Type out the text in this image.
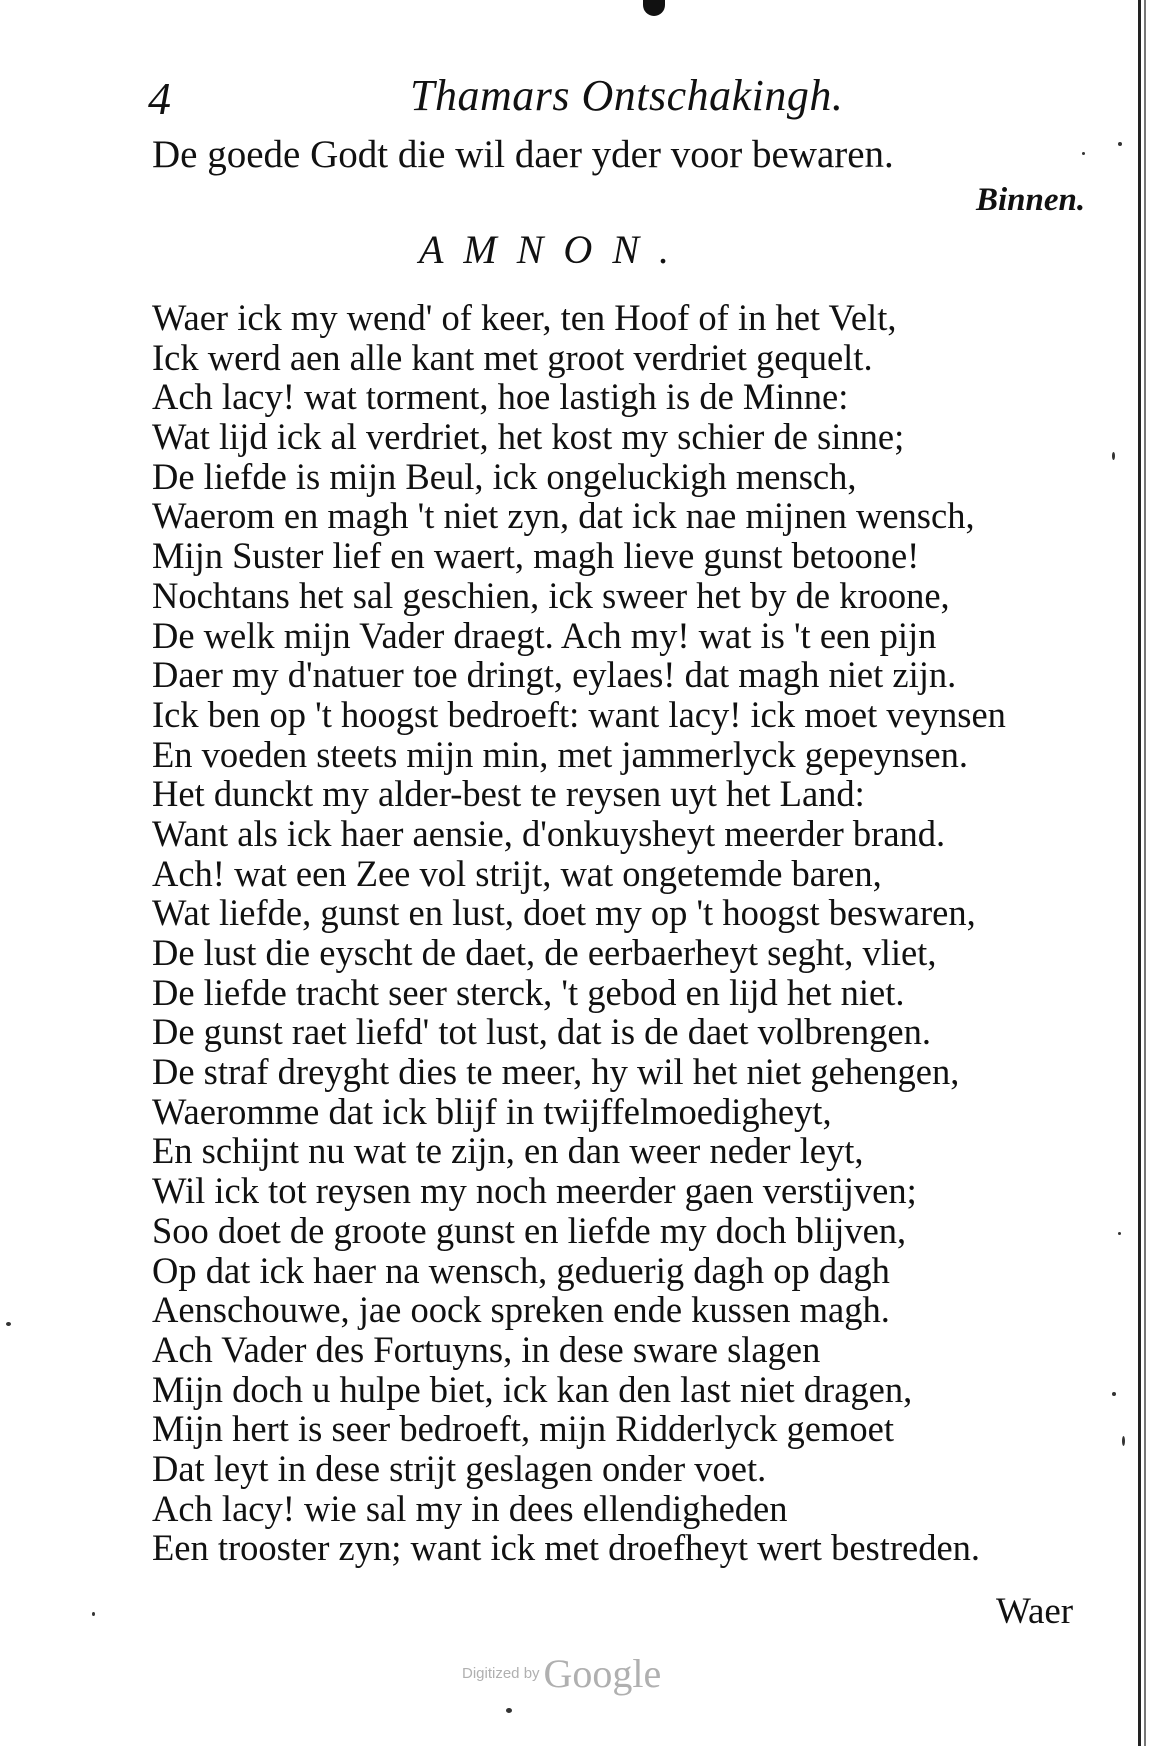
4	Thamars Ontschakingh.
De goede Godt die wil daer yder voor bewaren.
Binnen.
AMNON.
Waer ick my wend' of keer, ten Hoof of in het Velt,
Ick werd aen alle kant met groot verdriet gequelt.
Ach lacy! wat torment, hoe lastigh is de Minne:
Wat lijd ick al verdriet, het kost my schier de sinne;
De liefde is mijn Beul, ick ongeluckigh mensch,
Waerom en magh 't niet zyn, dat ick nae mijnen wensch,
Mijn Suster lief en waert, magh lieve gunst betoone!
Nochtans het sal geschien, ick sweer het by de kroone,
De welk mijn Vader draegt. Ach my! wat is 't een pijn
Daer my d'natuer toe dringt, eylaes! dat magh niet zijn.
Ick ben op 't hoogst bedroeft: want lacy! ick moet veynsen
En voeden steets mijn min, met jammerlyck gepeynsen.
Het dunckt my alder-best te reysen uyt het Land:
Want als ick haer aensie, d'onkuysheyt meerder brand.
Ach! wat een Zee vol strijt, wat ongetemde baren,
Wat liefde, gunst en lust, doet my op 't hoogst beswaren,
De lust die eyscht de daet, de eerbaerheyt seght, vliet,
De liefde tracht seer sterck, 't gebod en lijd het niet.
De gunst raet liefd' tot lust, dat is de daet volbrengen.
De straf dreyght dies te meer, hy wil het niet gehengen,
Waeromme dat ick blijf in twijffelmoedigheyt,
En schijnt nu wat te zijn, en dan weer neder leyt,
Wil ick tot reysen my noch meerder gaen verstijven;
Soo doet de groote gunst en liefde my doch blijven,
Op dat ick haer na wensch, geduerig dagh op dagh
Aenschouwe, jae oock spreken ende kussen magh.
Ach Vader des Fortuyns, in dese sware slagen
Mijn doch u hulpe biet, ick kan den last niet dragen,
Mijn hert is seer bedroeft, mijn Ridderlyck gemoet
Dat leyt in dese strijt geslagen onder voet.
Ach lacy! wie sal my in dees ellendigheden
Een trooster zyn; want ick met droefheyt wert bestreden.
Waer
Digitized by Google
